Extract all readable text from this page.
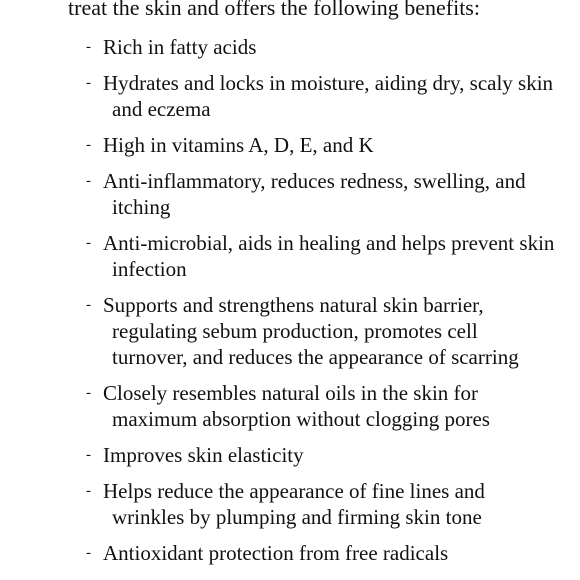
treat the skin and offers the following benefits:
- Rich in fatty acids
- Hydrates and locks in moisture, aiding dry, scaly skin and eczema
- High in vitamins A, D, E, and K
- Anti-inflammatory, reduces redness, swelling, and itching
- Anti-microbial, aids in healing and helps prevent skin infection
- Supports and strengthens natural skin barrier, regulating sebum production, promotes cell turnover, and reduces the appearance of scarring
- Closely resembles natural oils in the skin for maximum absorption without clogging pores
- Improves skin elasticity
- Helps reduce the appearance of fine lines and wrinkles by plumping and firming skin tone
- Antioxidant protection from free radicals
